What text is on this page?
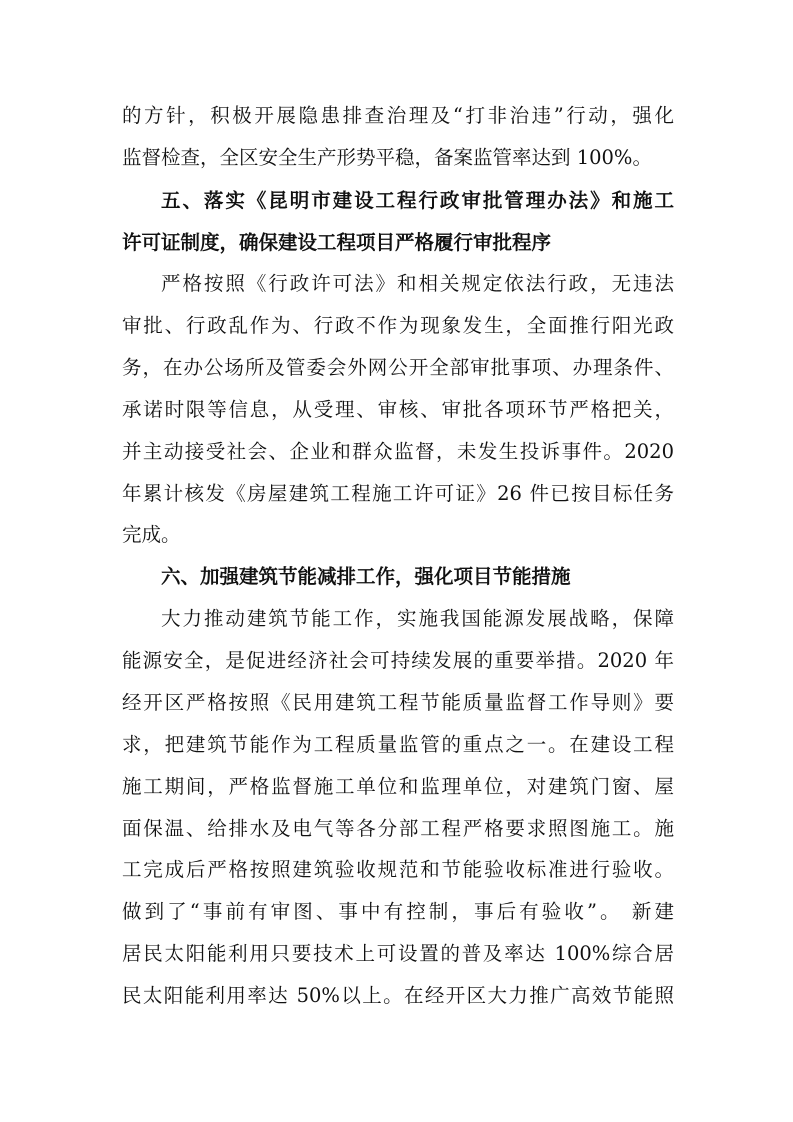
的方针，积极开展隐患排查治理及“打非治违”行动，强化
监督检查，全区安全生产形势平稳，备案监管率达到 100%。
五、落实《昆明市建设工程行政审批管理办法》和施工
许可证制度，确保建设工程项目严格履行审批程序
严格按照《行政许可法》和相关规定依法行政，无违法
审批、行政乱作为、行政不作为现象发生，全面推行阳光政
务，在办公场所及管委会外网公开全部审批事项、办理条件、
承诺时限等信息，从受理、审核、审批各项环节严格把关，
并主动接受社会、企业和群众监督，未发生投诉事件。2020
年累计核发《房屋建筑工程施工许可证》26 件已按目标任务
完成。
六、加强建筑节能减排工作，强化项目节能措施
大力推动建筑节能工作，实施我国能源发展战略，保障
能源安全，是促进经济社会可持续发展的重要举措。2020 年
经开区严格按照《民用建筑工程节能质量监督工作导则》要
求，把建筑节能作为工程质量监管的重点之一。在建设工程
施工期间，严格监督施工单位和监理单位，对建筑门窗、屋
面保温、给排水及电气等各分部工程严格要求照图施工。施
工完成后严格按照建筑验收规范和节能验收标准进行验收。
做到了“事前有审图、事中有控制，事后有验收”。 新建
居民太阳能利用只要技术上可设置的普及率达 100%综合居
民太阳能利用率达 50%以上。在经开区大力推广高效节能照
